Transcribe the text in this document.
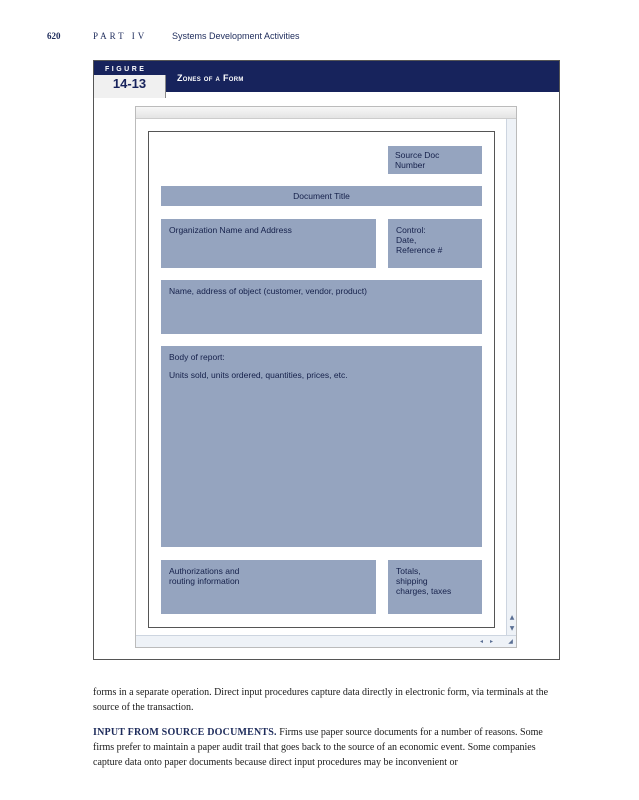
620	PART IV	Systems Development Activities
FIGURE
14-13	Zones of a Form
▲
▼
◂	▸	◢
Source Doc
Number
Document Title
Organization Name and Address	Control:
Date,
Reference #
Name, address of object (customer, vendor, product)
Body of report:
Units sold, units ordered, quantities, prices, etc.
Authorizations and
routing information
Totals,
shipping
charges, taxes

forms in a separate operation. Direct input procedures capture data directly in electronic form, via terminals at the source of the transaction.

INPUT FROM SOURCE DOCUMENTS. Firms use paper source documents for a number of reasons. Some firms prefer to maintain a paper audit trail that goes back to the source of an economic event. Some companies capture data onto paper documents because direct input procedures may be inconvenient or
